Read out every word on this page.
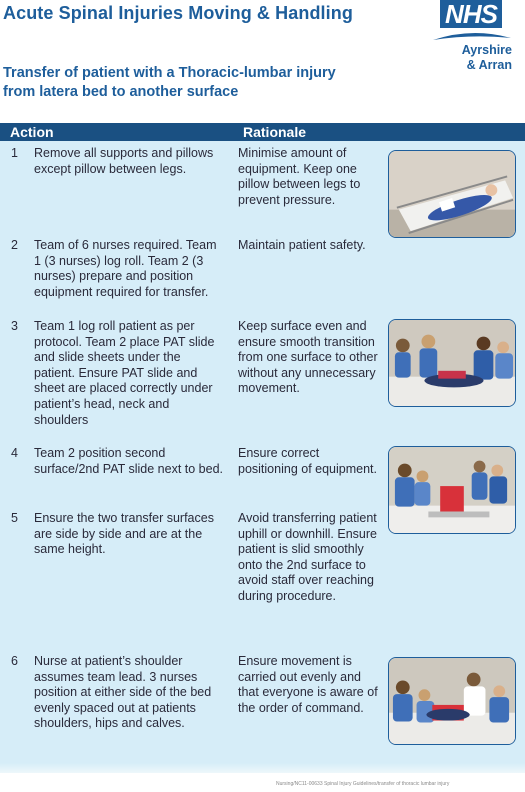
Acute Spinal Injuries Moving & Handling	NHS
Ayrshire
& Arran
Transfer of patient with a Thoracic-lumbar injury
from latera bed to another surface
Action	Rationale
1 Remove all supports and pillows except pillow between legs.
Minimise amount of equipment. Keep one pillow between legs to prevent pressure.
2 Team of 6 nurses required. Team 1 (3 nurses) log roll. Team 2 (3 nurses) prepare and position equipment required for transfer.
Maintain patient safety.
3 Team 1 log roll patient as per protocol. Team 2 place PAT slide and slide sheets under the patient. Ensure PAT slide and sheet are placed correctly under patient’s head, neck and shoulders
Keep surface even and ensure smooth transition from one surface to other without any unnecessary movement.
4 Team 2 position second surface/2nd PAT slide next to bed.
Ensure correct positioning of equipment.
5 Ensure the two transfer surfaces are side by side and are at the same height.
Avoid transferring patient uphill or downhill. Ensure patient is slid smoothly onto the 2nd surface to avoid staff over reaching during procedure.
6 Nurse at patient’s shoulder assumes team lead. 3 nurses position at either side of the bed evenly spaced out at patients shoulders, hips and calves.
Ensure movement is carried out evenly and that everyone is aware of the order of command.
Nursing/NC11-00633 Spinal Injury Guidelines/transfer of thoracic lumbar injury
